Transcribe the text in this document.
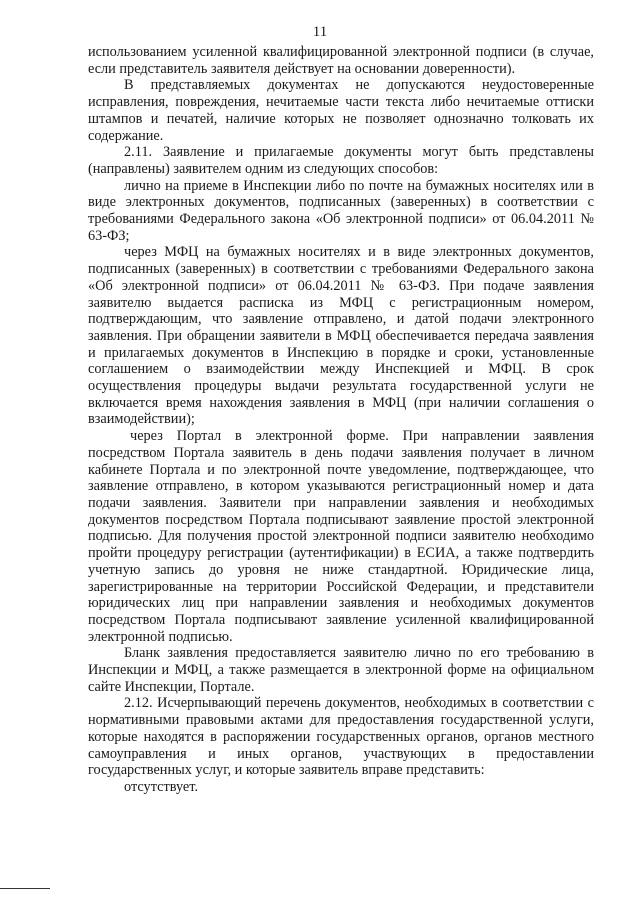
11

использованием усиленной квалифицированной электронной подписи (в случае, если представитель заявителя действует на основании доверенности).

В представляемых документах не допускаются неудостоверенные исправления, повреждения, нечитаемые части текста либо нечитаемые оттиски штампов и печатей, наличие которых не позволяет однозначно толковать их содержание.

2.11. Заявление и прилагаемые документы могут быть представлены (направлены) заявителем одним из следующих способов:

лично на приеме в Инспекции либо по почте на бумажных носителях или в виде электронных документов, подписанных (заверенных) в соответствии с требованиями Федерального закона «Об электронной подписи» от 06.04.2011 № 63-ФЗ;

через МФЦ на бумажных носителях и в виде электронных документов, подписанных (заверенных) в соответствии с требованиями Федерального закона «Об электронной подписи» от 06.04.2011 № 63-ФЗ. При подаче заявления заявителю выдается расписка из МФЦ с регистрационным номером, подтверждающим, что заявление отправлено, и датой подачи электронного заявления. При обращении заявители в МФЦ обеспечивается передача заявления и прилагаемых документов в Инспекцию в порядке и сроки, установленные соглашением о взаимодействии между Инспекцией и МФЦ. В срок осуществления процедуры выдачи результата государственной услуги не включается время нахождения заявления в МФЦ (при наличии соглашения о взаимодействии);

через Портал в электронной форме. При направлении заявления посредством Портала заявитель в день подачи заявления получает в личном кабинете Портала и по электронной почте уведомление, подтверждающее, что заявление отправлено, в котором указываются регистрационный номер и дата подачи заявления. Заявители при направлении заявления и необходимых документов посредством Портала подписывают заявление простой электронной подписью. Для получения простой электронной подписи заявителю необходимо пройти процедуру регистрации (аутентификации) в ЕСИА, а также подтвердить учетную запись до уровня не ниже стандартной. Юридические лица, зарегистрированные на территории Российской Федерации, и представители юридических лиц при направлении заявления и необходимых документов посредством Портала подписывают заявление усиленной квалифицированной электронной подписью.

Бланк заявления предоставляется заявителю лично по его требованию в Инспекции и МФЦ, а также размещается в электронной форме на официальном сайте Инспекции, Портале.

2.12. Исчерпывающий перечень документов, необходимых в соответствии с нормативными правовыми актами для предоставления государственной услуги, которые находятся в распоряжении государственных органов, органов местного самоуправления и иных органов, участвующих в предоставлении государственных услуг, и которые заявитель вправе представить:

отсутствует.
